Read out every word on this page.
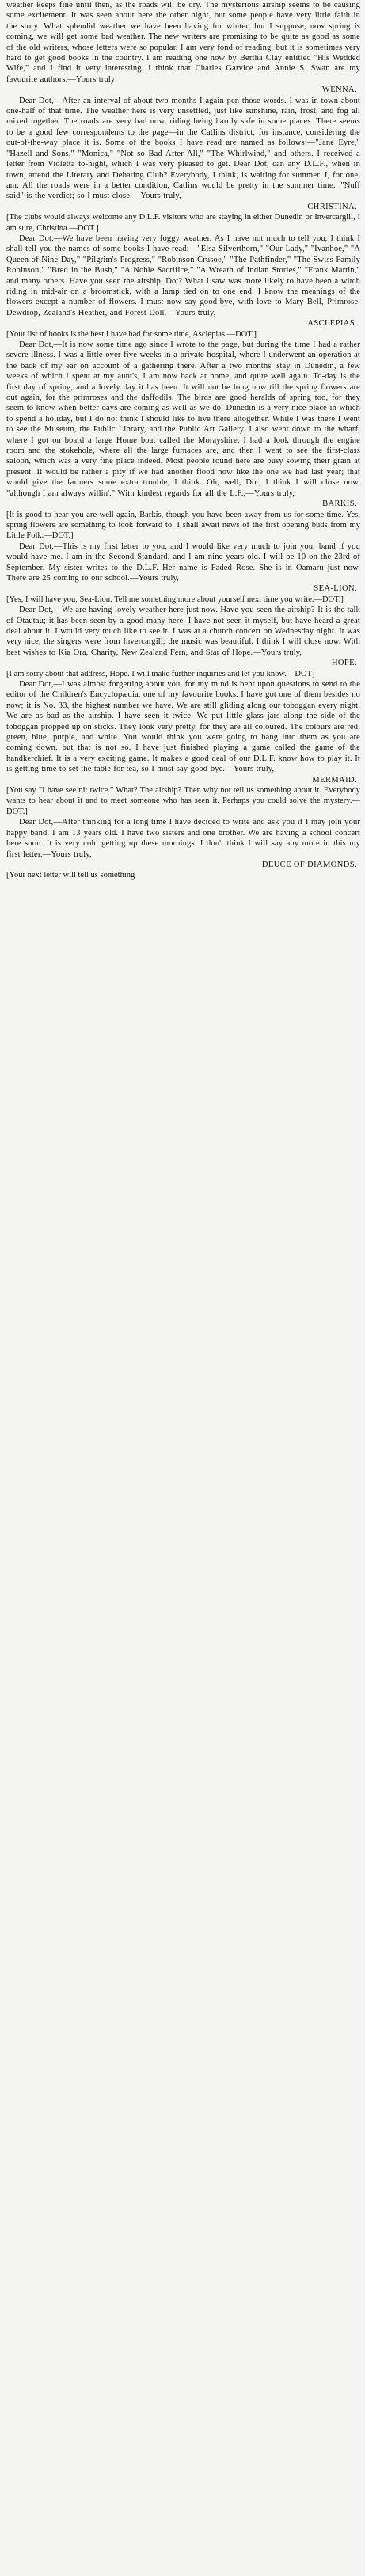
weather keeps fine until then, as the roads will be dry. The mysterious airship seems to be causing some excitement. It was seen about here the other night, but some people have very little faith in the story. What splendid weather we have been having for winter, but I suppose, now spring is coming, we will get some bad weather. The new writers are promising to be quite as good as some of the old writers, whose letters were so popular. I am very fond of reading, but it is sometimes very hard to get good books in the country. I am reading one now by Bertha Clay entitled "His Wedded Wife," and I find it very interesting. I think that Charles Garvice and Annie S. Swan are my favourite authors.—Yours truly

WENNA.

Dear Dot,—After an interval of about two months I again pen those words. I was in town about one-half of that time. The weather here is very unsettled, just like sunshine, rain, frost, and fog all mixed together. The roads are very bad now, riding being hardly safe in some places. There seems to be a good few correspondents to the page—in the Catlins district, for instance, considering the out-of-the-way place it is. Some of the books I have read are named as follows:—"Jane Eyre," "Hazell and Sons," "Monica," "Not so Bad After All," "The Whirlwind," and others. I received a letter from Violetta to-night, which I was very pleased to get. Dear Dot, can any D.L.F., when in town, attend the Literary and Debating Club? Everybody, I think, is waiting for summer. I, for one, am. All the roads were in a better condition, Catlins would be pretty in the summer time. "'Nuff said" is the verdict; so I must close,—Yours truly,

CHRISTINA.

[The clubs would always welcome any D.L.F. visitors who are staying in either Dunedin or Invercargill, I am sure, Christina.—DOT.]

Dear Dot,—We have been having very foggy weather. As I have not much to tell you, I think I shall tell you the names of some books I have read:—"Elsa Silverthorn," "Our Lady," "Ivanhoe," "A Queen of Nine Day," "Pilgrim's Progress," "Robinson Crusoe," "The Pathfinder," "The Swiss Family Robinson," "Bred in the Bush," "A Noble Sacrifice," "A Wreath of Indian Stories," "Frank Martin," and many others. Have you seen the airship, Dot? What I saw was more likely to have been a witch riding in mid-air on a broomstick, with a lamp tied on to one end. I know the meanings of the flowers except a number of flowers. I must now say good-bye, with love to Mary Bell, Primrose, Dewdrop, Zealand's Heather, and Forest Doll.—Yours truly,

ASCLEPIAS.

[Your list of books is the best I have had for some time, Asclepias.—DOT.]

Dear Dot,—It is now some time ago since I wrote to the page, but during the time I had a rather severe illness. I was a little over five weeks in a private hospital, where I underwent an operation at the back of my ear on account of a gathering there. After a two months' stay in Dunedin, a few weeks of which I spent at my aunt's, I am now back at home, and quite well again. To-day is the first day of spring, and a lovely day it has been. It will not be long now till the spring flowers are out again, for the primroses and the daffodils. The birds are good heralds of spring too, for they seem to know when better days are coming as well as we do. Dunedin is a very nice place in which to spend a holiday, but I do not think I should like to live there altogether. While I was there I went to see the Museum, the Public Library, and the Public Art Gallery. I also went down to the wharf, where I got on board a large Home boat called the Morayshire. I had a look through the engine room and the stokehole, where all the large furnaces are, and then I went to see the first-class saloon, which was a very fine place indeed. Most people round here are busy sowing their grain at present. It would be rather a pity if we had another flood now like the one we had last year; that would give the farmers some extra trouble, I think. Oh, well, Dot, I think I will close now, "although I am always willin'." With kindest regards for all the L.F.,—Yours truly,

BARKIS.

[It is good to hear you are well again, Barkis, though you have been away from us for some time. Yes, spring flowers are something to look forward to. I shall await news of the first opening buds from my Little Folk.—DOT.]

Dear Dot,—This is my first letter to you, and I would like very much to join your band if you would have me. I am in the Second Standard, and I am nine years old. I will be 10 on the 23rd of September. My sister writes to the D.L.F. Her name is Faded Rose. She is in Oamaru just now. There are 25 coming to our school.—Yours truly,

SEA-LION.

[Yes, I will have you, Sea-Lion. Tell me something more about yourself next time you write.—DOT.]

Dear Dot,—We are having lovely weather here just now. Have you seen the airship? It is the talk of Otautau; it has been seen by a good many here. I have not seen it myself, but have heard a great deal about it. I would very much like to see it. I was at a church concert on Wednesday night. It was very nice; the singers were from Invercargill; the music was beautiful. I think I will close now. With best wishes to Kia Ora, Charity, New Zealand Fern, and Star of Hope.—Yours truly,

HOPE.

[I am sorry about that address, Hope. I will make further inquiries and let you know.—DOT]

Dear Dot,—I was almost forgetting about you, for my mind is bent upon questions to send to the editor of the Children's Encyclopædia, one of my favourite books. I have got one of them besides no now; it is No. 33, the highest number we have. We are still gliding along our toboggan every night. We are as bad as the airship. I have seen it twice. We put little glass jars along the side of the toboggan propped up on sticks. They look very pretty, for they are all coloured. The colours are red, green, blue, purple, and white. You would think you were going to bang into them as you are coming down, but that is not so. I have just finished playing a game called the game of the handkerchief. It is a very exciting game. It makes a good deal of our D.L.F. know how to play it. It is getting time to set the table for tea, so I must say good-bye.—Yours truly,

MERMAID.

[You say "I have see nit twice." What? The airship? Then why not tell us something about it. Everybody wants to hear about it and to meet someone who has seen it. Perhaps you could solve the mystery.—DOT.]

Dear Dot,—After thinking for a long time I have decided to write and ask you if I may join your happy band. I am 13 years old. I have two sisters and one brother. We are having a school concert here soon. It is very cold getting up these mornings. I don't think I will say any more in this my first letter.—Yours truly,

DEUCE OF DIAMONDS.

[Your next letter will tell us something
